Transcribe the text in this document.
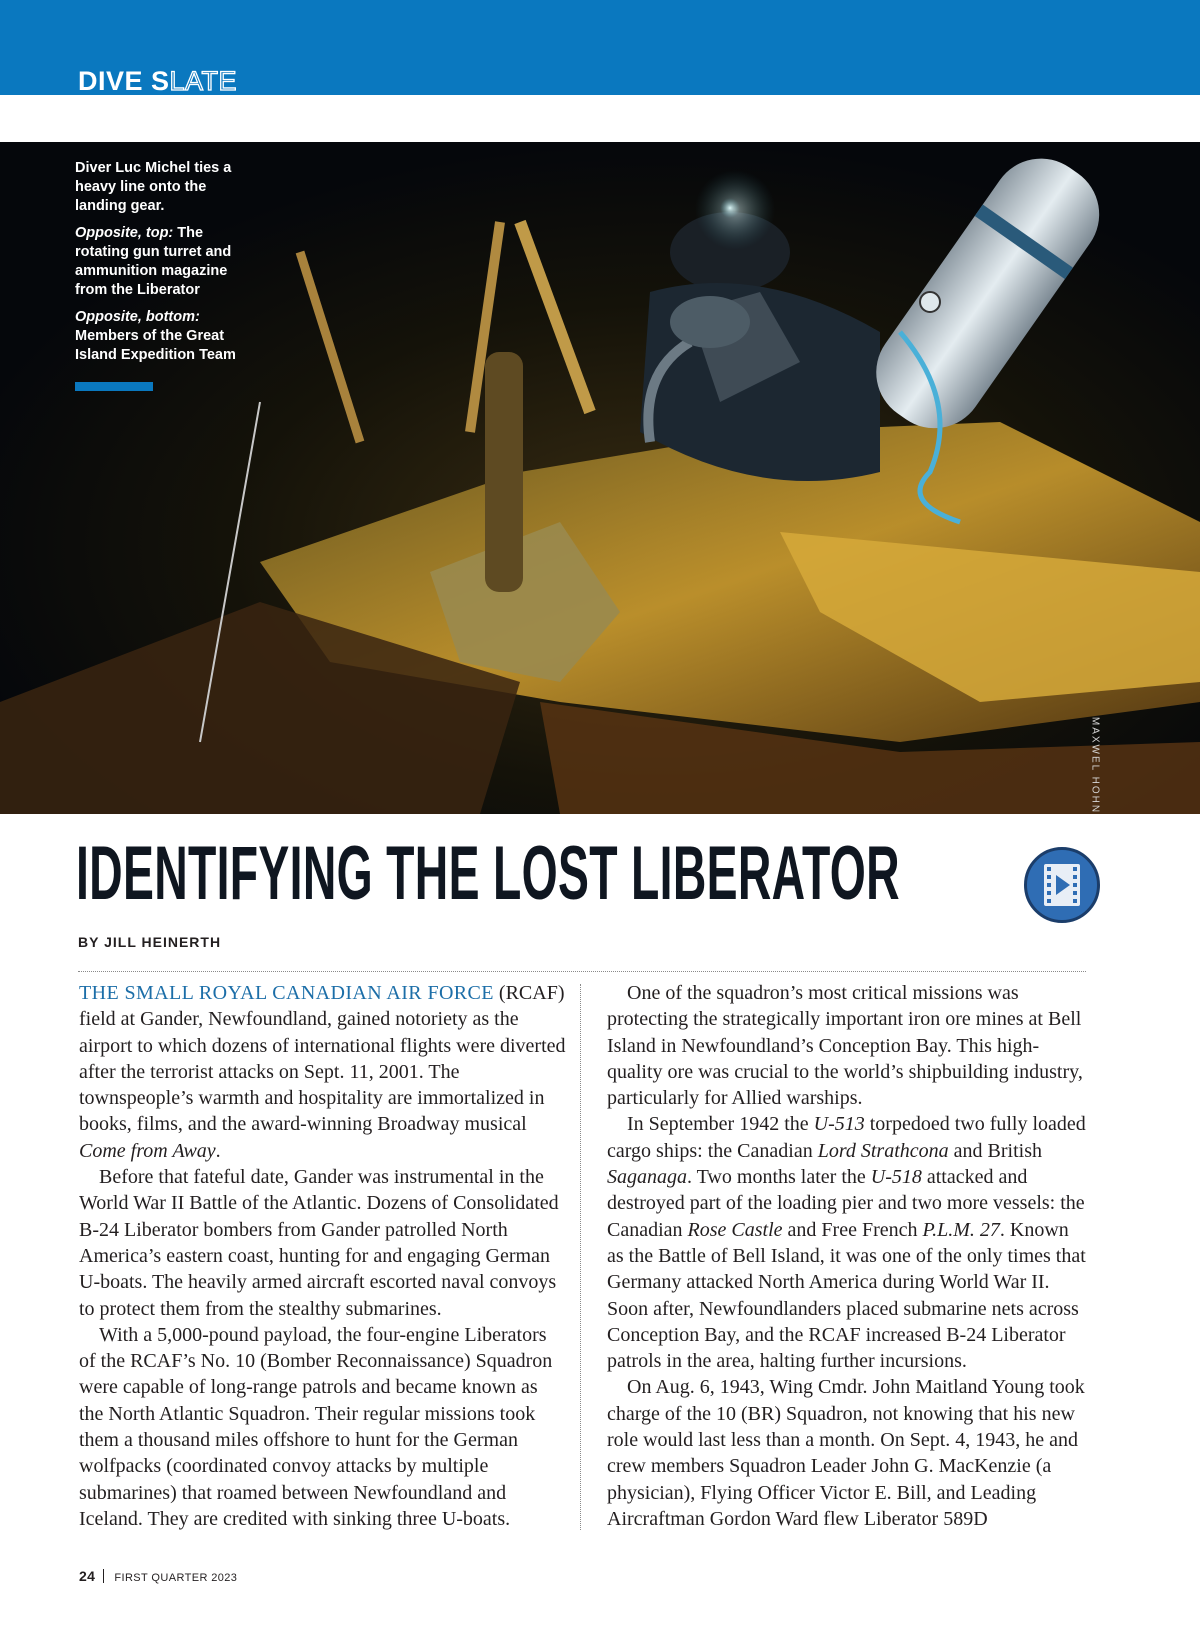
DIVE SLATE

Diver Luc Michel ties a heavy line onto the landing gear.

Opposite, top: The rotating gun turret and ammunition magazine from the Liberator

Opposite, bottom: Members of the Great Island Expedition Team

MAXWEL HOHN
IDENTIFYING THE LOST LIBERATOR
BY JILL HEINERTH

THE SMALL ROYAL CANADIAN AIR FORCE (RCAF) field at Gander, Newfoundland, gained notoriety as the airport to which dozens of international flights were diverted after the terrorist attacks on Sept. 11, 2001. The townspeople’s warmth and hospitality are immortalized in books, films, and the award-winning Broadway musical Come from Away.

Before that fateful date, Gander was instrumental in the World War II Battle of the Atlantic. Dozens of Consolidated B-24 Liberator bombers from Gander patrolled North America’s eastern coast, hunting for and engaging German U-boats. The heavily armed aircraft escorted naval convoys to protect them from the stealthy submarines.

With a 5,000-pound payload, the four-engine Liberators of the RCAF’s No. 10 (Bomber Reconnaissance) Squadron were capable of long-range patrols and became known as the North Atlantic Squadron. Their regular missions took them a thousand miles offshore to hunt for the German wolfpacks (coordinated convoy attacks by multiple submarines) that roamed between Newfoundland and Iceland. They are credited with sinking three U-boats.

One of the squadron’s most critical missions was protecting the strategically important iron ore mines at Bell Island in Newfoundland’s Conception Bay. This high-quality ore was crucial to the world’s shipbuilding industry, particularly for Allied warships.

In September 1942 the U-513 torpedoed two fully loaded cargo ships: the Canadian Lord Strathcona and British Saganaga. Two months later the U-518 attacked and destroyed part of the loading pier and two more vessels: the Canadian Rose Castle and Free French P.L.M. 27. Known as the Battle of Bell Island, it was one of the only times that Germany attacked North America during World War II. Soon after, Newfoundlanders placed submarine nets across Conception Bay, and the RCAF increased B-24 Liberator patrols in the area, halting further incursions.

On Aug. 6, 1943, Wing Cmdr. John Maitland Young took charge of the 10 (BR) Squadron, not knowing that his new role would last less than a month. On Sept. 4, 1943, he and crew members Squadron Leader John G. MacKenzie (a physician), Flying Officer Victor E. Bill, and Leading Aircraftman Gordon Ward flew Liberator 589D

24 FIRST QUARTER 2023
